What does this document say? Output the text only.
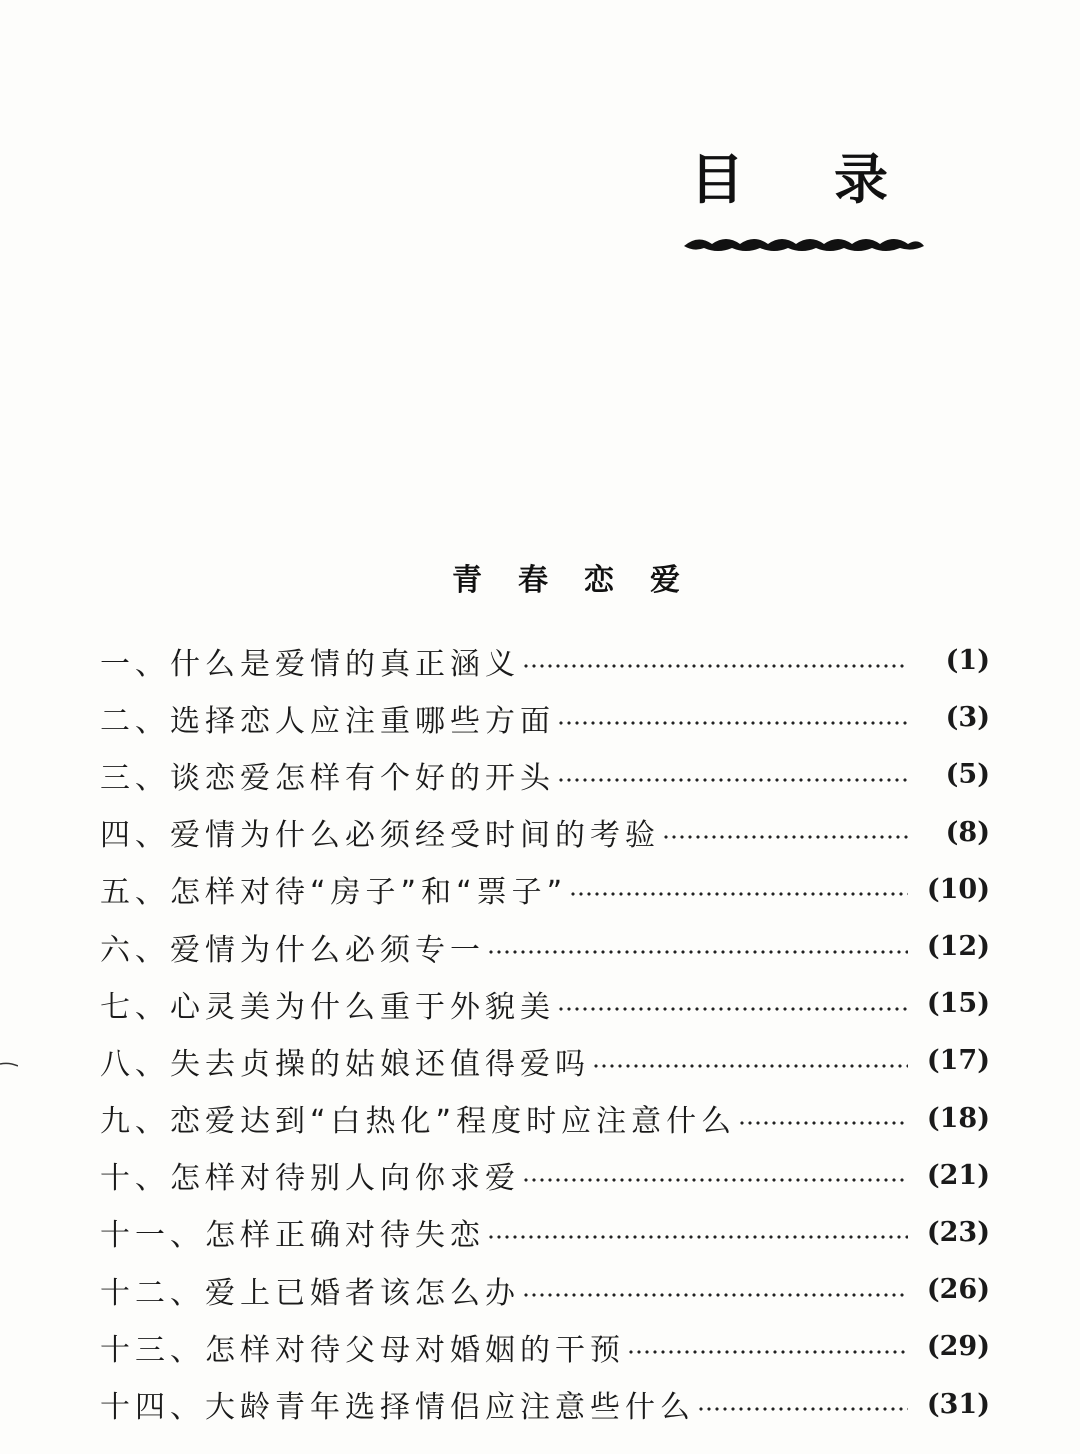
目录
青春恋爱
一、什么是爱情的真正涵义	(1)
二、选择恋人应注重哪些方面	(3)
三、谈恋爱怎样有个好的开头	(5)
四、爱情为什么必须经受时间的考验	(8)
五、怎样对待“房子”和“票子”	(10)
六、爱情为什么必须专一	(12)
七、心灵美为什么重于外貌美	(15)
八、失去贞操的姑娘还值得爱吗	(17)
九、恋爱达到“白热化”程度时应注意什么	(18)
十、怎样对待别人向你求爱	(21)
十一、怎样正确对待失恋	(23)
十二、爱上已婚者该怎么办	(26)
十三、怎样对待父母对婚姻的干预	(29)
十四、大龄青年选择情侣应注意些什么	(31)
